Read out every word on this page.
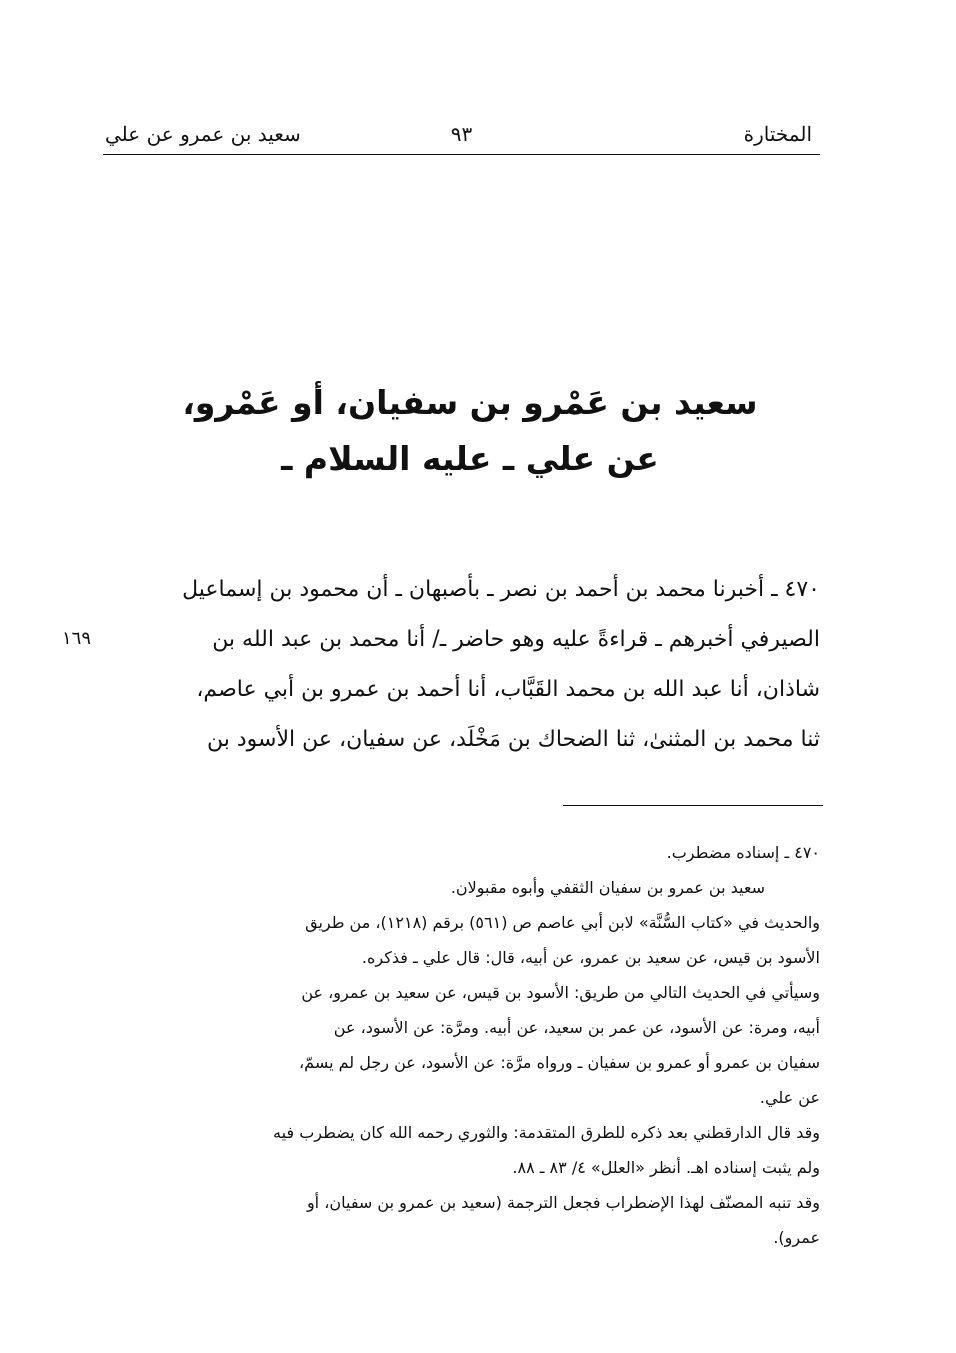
المختارة
٩٣
سعيد بن عمرو عن علي
سعيد بن عَمْرو بن سفيان، أو عَمْرو،
عن علي ـ عليه السلام ـ
٤٧٠ ـ أخبرنا محمد بن أحمد بن نصر ـ بأصبهان ـ أن محمود بن إسماعيل
الصيرفي أخبرهم ـ قراءةً عليه وهو حاضر ـ/ أنا محمد بن عبد الله بن
شاذان، أنا عبد الله بن محمد القَبَّاب، أنا أحمد بن عمرو بن أبي عاصم،
ثنا محمد بن المثنىٰ، ثنا الضحاك بن مَخْلَد، عن سفيان، عن الأسود بن
١٦٩
٤٧٠ ـ إسناده مضطرب.
سعيد بن عمرو بن سفيان الثقفي وأبوه مقبولان.
والحديث في «كتاب السُّنَّة» لابن أبي عاصم ص (٥٦١) برقم (١٢١٨)، من طريق
الأسود بن قيس، عن سعيد بن عمرو، عن أبيه، قال: قال علي ـ فذكره.
وسيأتي في الحديث التالي من طريق: الأسود بن قيس، عن سعيد بن عمرو، عن
أبيه، ومرة: عن الأسود، عن عمر بن سعيد، عن أبيه. ومرَّة: عن الأسود، عن
سفيان بن عمرو أو عمرو بن سفيان ـ ورواه مرَّة: عن الأسود، عن رجل لم يسمّ،
عن علي.
وقد قال الدارقطني بعد ذكره للطرق المتقدمة: والثوري رحمه الله كان يضطرب فيه
ولم يثبت إسناده اهـ. أنظر «العلل» ٤/ ٨٣ ـ ٨٨.
وقد تنبه المصنّف لهذا الإضطراب فجعل الترجمة (سعيد بن عمرو بن سفيان، أو
عمرو).
